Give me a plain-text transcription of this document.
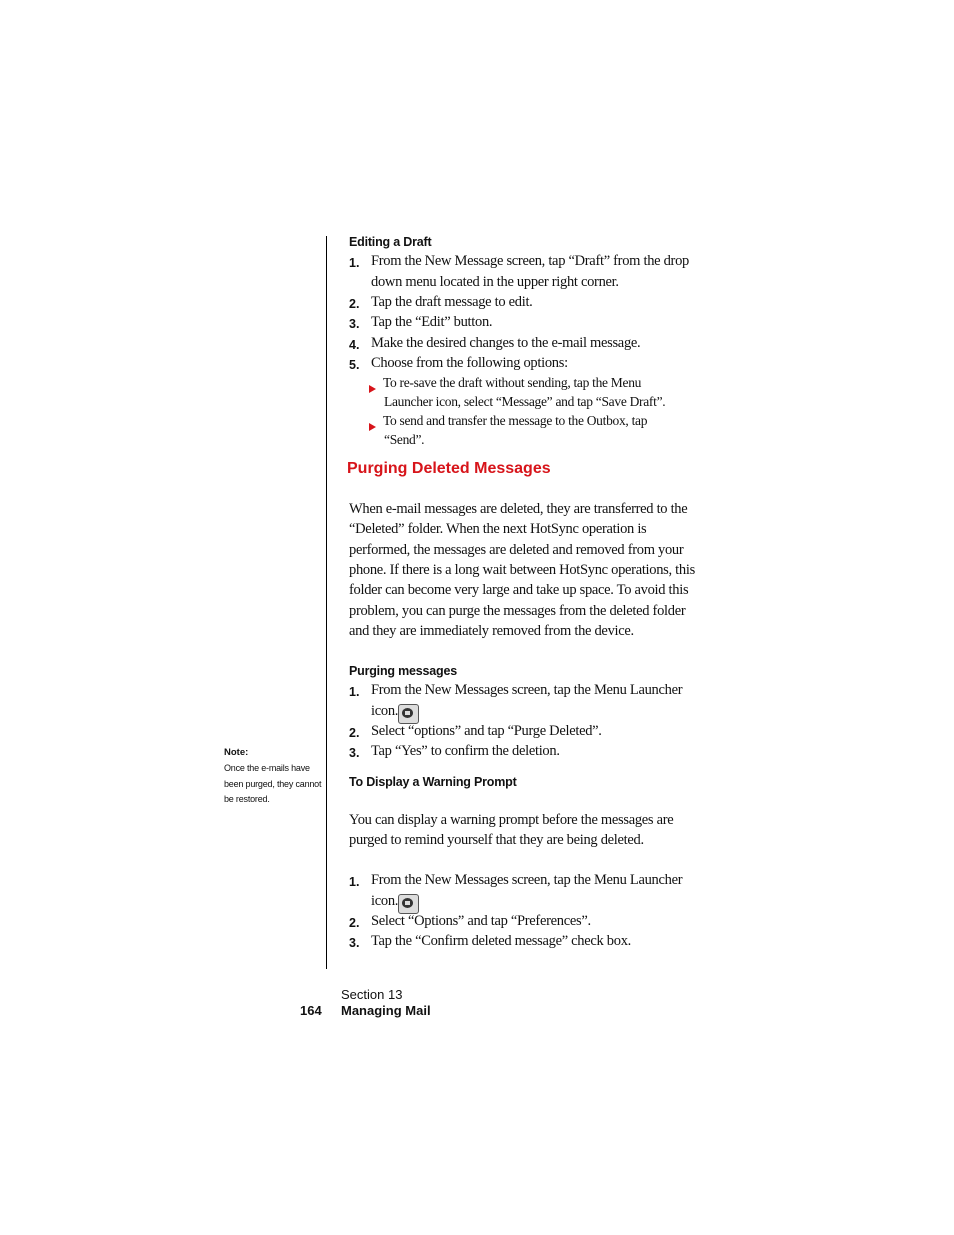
Editing a Draft
1. From the New Message screen, tap “Draft” from the drop
down menu located in the upper right corner.
2. Tap the draft message to edit.
3. Tap the “Edit” button.
4. Make the desired changes to the e-mail message.
5. Choose from the following options:
To re-save the draft without sending, tap the Menu
Launcher icon, select “Message” and tap “Save Draft”.
To send and transfer the message to the Outbox, tap
“Send”.
Purging Deleted Messages
When e-mail messages are deleted, they are transferred to the
“Deleted” folder. When the next HotSync operation is
performed, the messages are deleted and removed from your
phone. If there is a long wait between HotSync operations, this
folder can become very large and take up space. To avoid this
problem, you can purge the messages from the deleted folder
and they are immediately removed from the device.
Purging messages
1. From the New Messages screen, tap the Menu Launcher
icon.
2. Select “options” and tap “Purge Deleted”.
3. Tap “Yes” to confirm the deletion.
Note:
Once the e-mails have
been purged, they cannot
be restored.
To Display a Warning Prompt
You can display a warning prompt before the messages are
purged to remind yourself that they are being deleted.
1. From the New Messages screen, tap the Menu Launcher
icon.
2. Select “Options” and tap “Preferences”.
3. Tap the “Confirm deleted message” check box.
Section 13
164 Managing Mail
